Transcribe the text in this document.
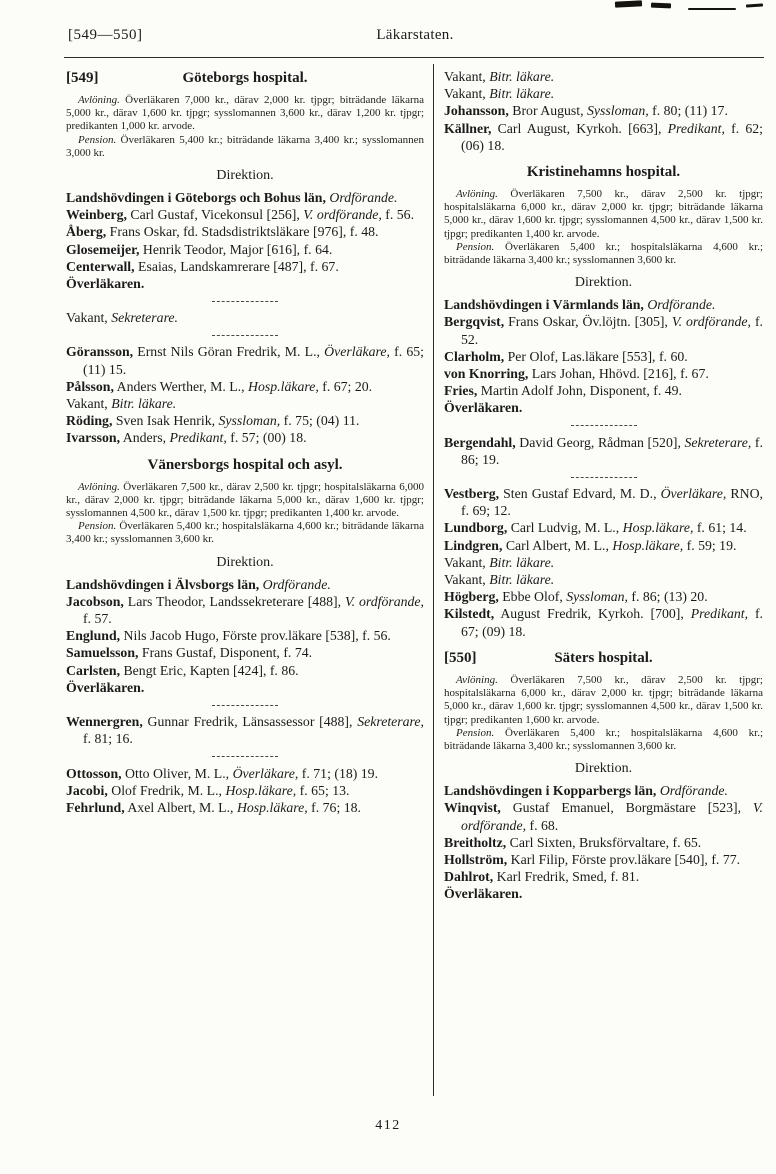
[549—550]	Läkarstaten.
[549]	Göteborgs hospital.

Avlöning. Överläkaren 7,000 kr., därav 2,000 kr. tjpgr; biträdande läkarna 5,000 kr., därav 1,600 kr. tjpgr; sysslomannen 3,600 kr., därav 1,200 kr. tjpgr; predikanten 1,000 kr. arvode.

Pension. Överläkaren 5,400 kr.; biträdande läkarna 3,400 kr.; sysslomannen 3,000 kr.

Direktion.

Landshövdingen i Göteborgs och Bohus län, Ordförande.

Weinberg, Carl Gustaf, Vicekonsul [256], V. ordförande, f. 56.

Åberg, Frans Oskar, fd. Stadsdistriktsläkare [976], f. 48.

Glosemeijer, Henrik Teodor, Major [616], f. 64.

Centerwall, Esaias, Landskamrerare [487], f. 67.

Överläkaren.

Vakant, Sekreterare.

Göransson, Ernst Nils Göran Fredrik, M. L., Överläkare, f. 65; (11) 15.

Pålsson, Anders Werther, M. L., Hosp.läkare, f. 67; 20.

Vakant, Bitr. läkare.

Röding, Sven Isak Henrik, Syssloman, f. 75; (04) 11.

Ivarsson, Anders, Predikant, f. 57; (00) 18.

Vänersborgs hospital och asyl.

Avlöning. Överläkaren 7,500 kr., därav 2,500 kr. tjpgr; hospitalsläkarna 6,000 kr., därav 2,000 kr. tjpgr; biträdande läkarna 5,000 kr., därav 1,600 kr. tjpgr; sysslomannen 4,500 kr., därav 1,500 kr. tjpgr; predikanten 1,400 kr. arvode.

Pension. Överläkaren 5,400 kr.; hospitalsläkarna 4,600 kr.; biträdande läkarna 3,400 kr.; sysslomannen 3,600 kr.

Direktion.

Landshövdingen i Älvsborgs län, Ordförande.

Jacobson, Lars Theodor, Landssekreterare [488], V. ordförande, f. 57.

Englund, Nils Jacob Hugo, Förste prov.läkare [538], f. 56.

Samuelsson, Frans Gustaf, Disponent, f. 74.

Carlsten, Bengt Eric, Kapten [424], f. 86.

Överläkaren.

Wennergren, Gunnar Fredrik, Länsassessor [488], Sekreterare, f. 81; 16.

Ottosson, Otto Oliver, M. L., Överläkare, f. 71; (18) 19.

Jacobi, Olof Fredrik, M. L., Hosp.läkare, f. 65; 13.

Fehrlund, Axel Albert, M. L., Hosp.läkare, f. 76; 18.

Vakant, Bitr. läkare.

Vakant, Bitr. läkare.

Johansson, Bror August, Syssloman, f. 80; (11) 17.

Källner, Carl August, Kyrkoh. [663], Predikant, f. 62; (06) 18.

Kristinehamns hospital.

Avlöning. Överläkaren 7,500 kr., därav 2,500 kr. tjpgr; hospitalsläkarna 6,000 kr., därav 2,000 kr. tjpgr; biträdande läkarna 5,000 kr., därav 1,600 kr. tjpgr; sysslomannen 4,500 kr., därav 1,500 kr. tjpgr; predikanten 1,400 kr. arvode.

Pension. Överläkaren 5,400 kr.; hospitalsläkarna 4,600 kr.; biträdande läkarna 3,400 kr.; sysslomannen 3,600 kr.

Direktion.

Landshövdingen i Värmlands län, Ordförande.

Bergqvist, Frans Oskar, Öv.löjtn. [305], V. ordförande, f. 52.

Clarholm, Per Olof, Las.läkare [553], f. 60.

von Knorring, Lars Johan, Hhövd. [216], f. 67.

Fries, Martin Adolf John, Disponent, f. 49.

Överläkaren.

Bergendahl, David Georg, Rådman [520], Sekreterare, f. 86; 19.

Vestberg, Sten Gustaf Edvard, M. D., Överläkare, RNO, f. 69; 12.

Lundborg, Carl Ludvig, M. L., Hosp.läkare, f. 61; 14.

Lindgren, Carl Albert, M. L., Hosp.läkare, f. 59; 19.

Vakant, Bitr. läkare.

Vakant, Bitr. läkare.

Högberg, Ebbe Olof, Syssloman, f. 86; (13) 20.

Kilstedt, August Fredrik, Kyrkoh. [700], Predikant, f. 67; (09) 18.

[550]	Säters hospital.

Avlöning. Överläkaren 7,500 kr., därav 2,500 kr. tjpgr; hospitalsläkarna 6,000 kr., därav 2,000 kr. tjpgr; biträdande läkarna 5,000 kr., därav 1,600 kr. tjpgr; sysslomannen 4,500 kr., därav 1,500 kr. tjpgr; predikanten 1,600 kr. arvode.

Pension. Överläkaren 5,400 kr.; hospitalsläkarna 4,600 kr.; biträdande läkarna 3,400 kr.; sysslomannen 3,600 kr.

Direktion.

Landshövdingen i Kopparbergs län, Ordförande.

Winqvist, Gustaf Emanuel, Borgmästare [523], V. ordförande, f. 68.

Breitholtz, Carl Sixten, Bruksförvaltare, f. 65.

Hollström, Karl Filip, Förste prov.läkare [540], f. 77.

Dahlrot, Karl Fredrik, Smed, f. 81.

Överläkaren.

412
